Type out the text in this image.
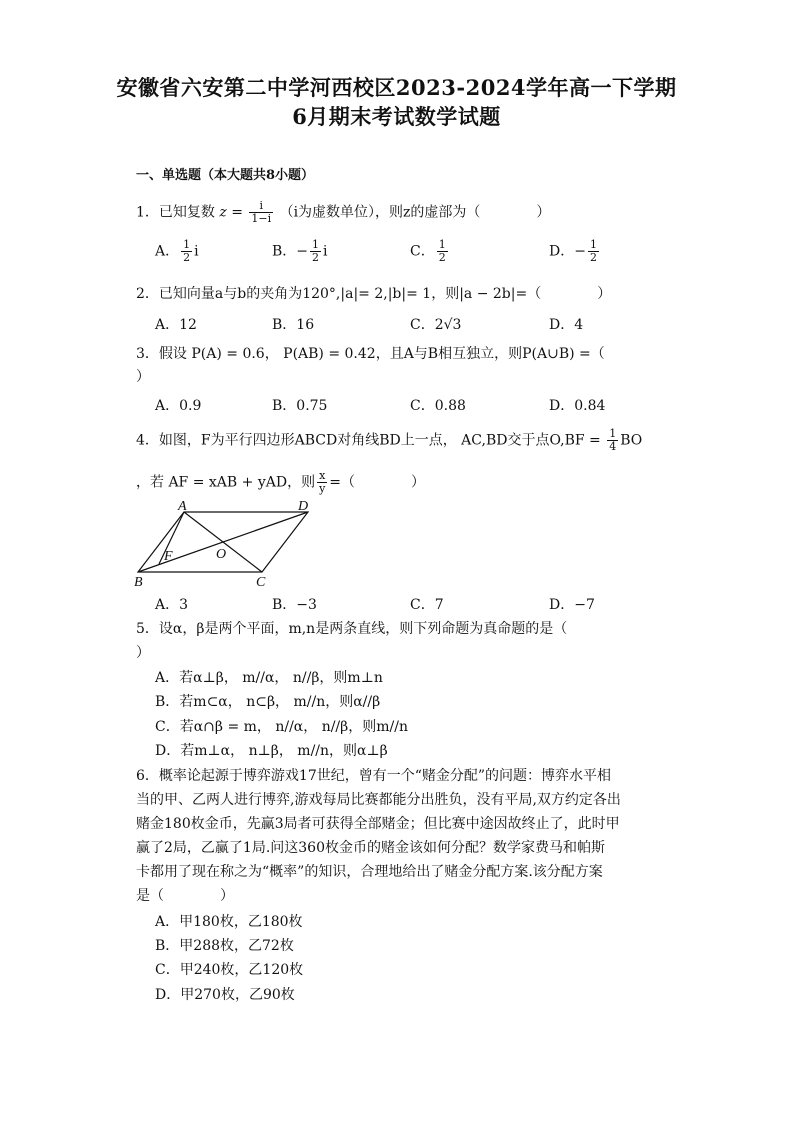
安徽省六安第二中学河西校区2023-2024学年高一下学期
6月期末考试数学试题
一、单选题（本大题共8小题）
1．已知复数 $z = \frac{i}{1-i} (i$为虚数单位），则z的虚部为（　　　　）
A． $\frac{1}{2}$ i	B．− $\frac{1}{2}$ i	C． $\frac{1}{2}$	D．− $\frac{1}{2}$
2．已知向量a与b的夹角为120°,|a|= 2,|b|= 1，则|a − 2b|=（　　　　）
A．12	B．16	C．2√3	D．4
3．假设 P(A) = 0.6， P(AB) = 0.42，且A与B相互独立，则P(A∪B) =（
）
A．0.9	B．0.75	C．0.88	D．0.84
4．如图，F为平行四边形ABCD对角线BD上一点， AC,BD交于点$O,BF = \frac{1}{4}$ BO
，若 AF = xAB + yAD，则 $\frac{x}{y}$ =（　　　　）
A	D
B	C
F	O
A．3	B．−3	C．7	D．−7
5．设α，β是两个平面，m,n是两条直线，则下列命题为真命题的是（
）
A．若α⊥β， m//α， n//β，则m⊥n
B．若m⊂α， n⊂β， m//n，则α//β
C．若α∩β = m， n//α， n//β，则m//n
D．若m⊥α， n⊥β， m//n，则α⊥β
6．概率论起源于博弈游戏17世纪，曾有一个“赌金分配”的问题：博弈水平相
当的甲、乙两人进行博弈,游戏每局比赛都能分出胜负，没有平局,双方约定各出
赌金180枚金币，先赢3局者可获得全部赌金；但比赛中途因故终止了，此时甲
赢了2局，乙赢了1局.问这360枚金币的赌金该如何分配？数学家费马和帕斯
卡都用了现在称之为“概率”的知识，合理地给出了赌金分配方案.该分配方案
是（　　　　）
A．甲180枚，乙180枚
B．甲288枚，乙72枚
C．甲240枚，乙120枚
D．甲270枚，乙90枚
